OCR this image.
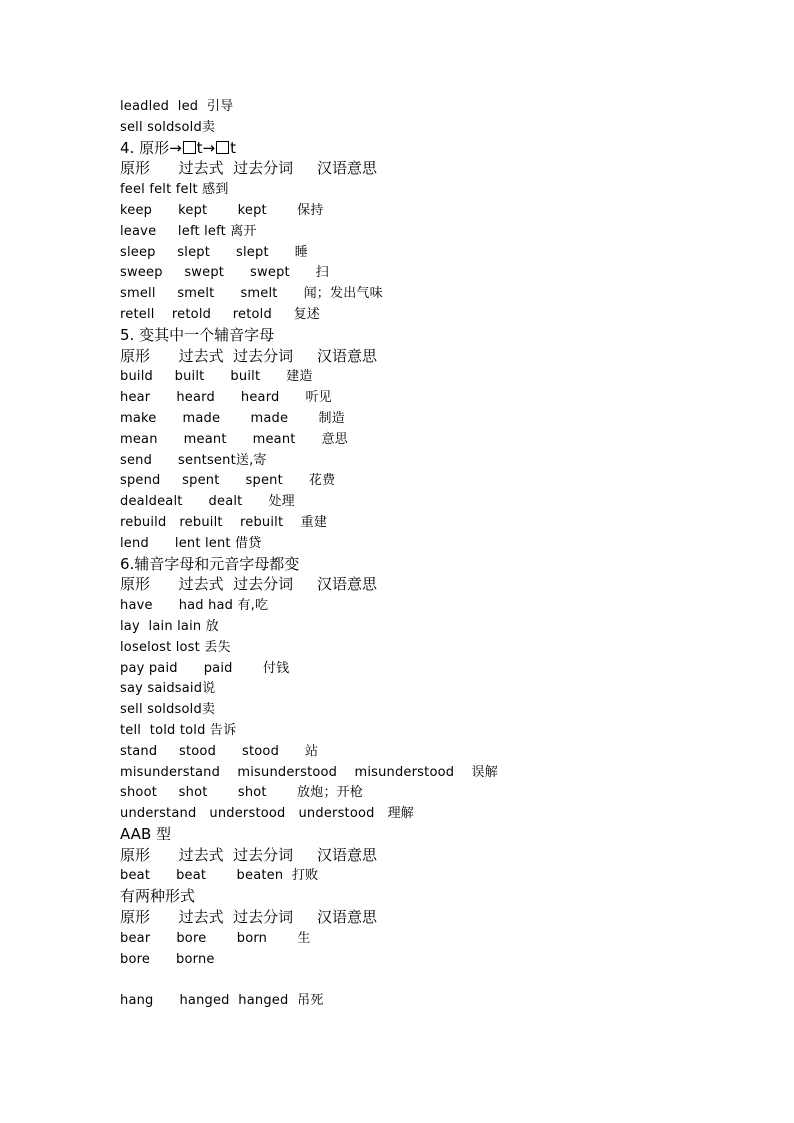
leadled  led  引导
sell soldsold卖
4. 原形→ t→ t
原形      过去式  过去分词     汉语意思
feel felt felt 感到
keep      kept       kept       保持
leave     left left 离开
sleep     slept      slept      睡
sweep     swept      swept      扫
smell     smelt      smelt      闻；发出气味
retell    retold     retold     复述
5. 变其中一个辅音字母
原形      过去式  过去分词     汉语意思
build     built      built      建造
hear      heard      heard      听见
make      made       made       制造
mean      meant      meant      意思
send      sentsent送,寄
spend     spent      spent      花费
dealdealt      dealt      处理
rebuild   rebuilt    rebuilt    重建
lend      lent lent 借贷
6.辅音字母和元音字母都变
原形      过去式  过去分词     汉语意思
have      had had 有,吃
lay  lain lain 放
loselost lost 丢失
pay paid      paid       付钱
say saidsaid说
sell soldsold卖
tell  told told 告诉
stand     stood      stood      站
misunderstand    misunderstood    misunderstood    误解
shoot     shot       shot       放炮；开枪
understand   understood   understood   理解
AAB 型
原形      过去式  过去分词     汉语意思
beat      beat       beaten  打败
有两种形式
原形      过去式  过去分词     汉语意思
bear      bore       born       生
bore      borne
hang      hanged  hanged  吊死
